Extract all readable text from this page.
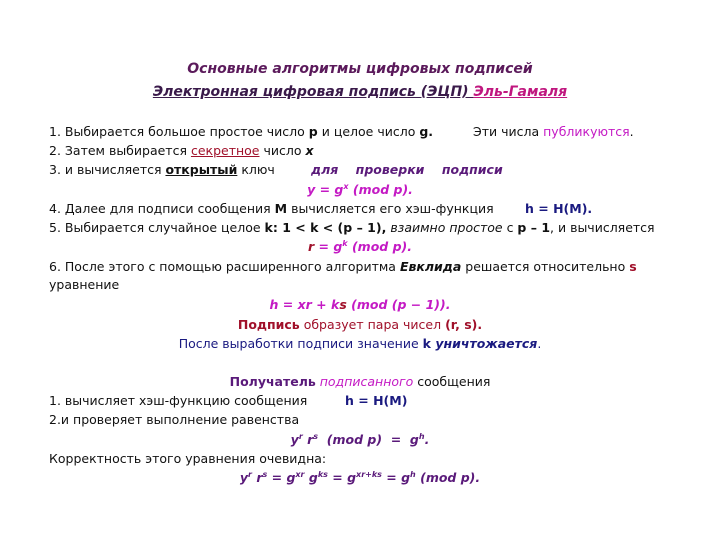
Основные алгоритмы цифровых подписей
Электронная цифровая подпись (ЭЦП) Эль-Гамаля
1. Выбирается большое простое число p и целое число g.	Эти числа публикуются.
2. Затем выбирается секретное число x
3. и вычисляется открытый ключ	для    проверки    подписи
$y = g^x$ (mod p).
4. Далее для подписи сообщения М вычисляется его хэш-функция	h = H(M).
5. Выбирается случайное целое k: 1 < k < (p – 1), взаимно простое с p – 1, и вычисляется
$r = g^k$ (mod p).
6. После этого с помощью расширенного алгоритма Евклида решается относительно s
уравнение
h = xr + ks (mod (p − 1)).
Подпись образует пара чисел (r, s).
После выработки подписи значение k уничтожается.
Получатель подписанного сообщения
1. вычисляет хэш-функцию сообщения	h = H(M)
2.и проверяет выполнение равенства
$y^r$ $r^s$  (mod $p) = g^h$.
Корректность этого уравнения очевидна:
$y^r$ $r^s = g^{xr}$ $g^{ks} = g^{xr+ks} = g^h$ (mod p).
